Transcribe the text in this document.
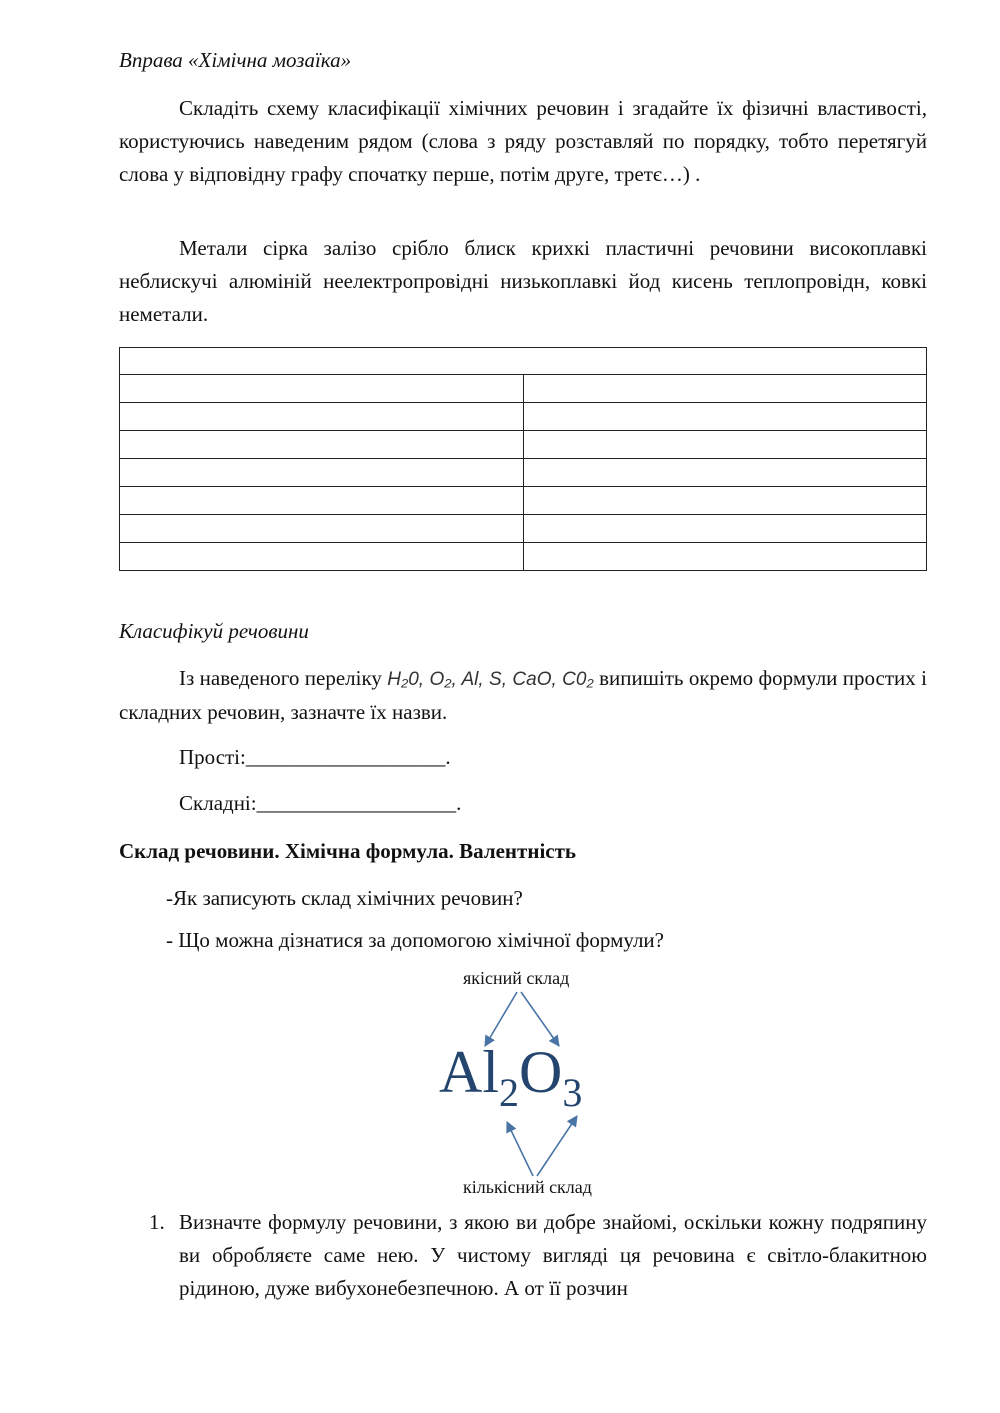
Вправа «Хімічна мозаїка»

Складіть схему класифікації хімічних речовин і згадайте їх фізичні властивості, користуючись наведеним рядом (слова з ряду розставляй по порядку, тобто перетягуй слова у відповідну графу спочатку перше, потім друге, третє…) .

Метали сірка залізо срібло блиск крихкі пластичні речовини високоплавкі неблискучі алюміній неелектропровідні низькоплавкі йод кисень теплопровідн, ковкі неметали.

Класифікуй речовини

Із наведеного переліку H₂0, O₂, Al, S, CaO, C0₂ випишіть окремо формули простих і складних речовин, зазначте їх назви.

Прості:___________________.
Складні:___________________.
Склад речовини. Хімічна формула. Валентність
-Як записують склад хімічних речовин?
- Що можна дізнатися за допомогою хімічної формули?
якісний склад
$Al_2O_3$
кількісний склад
1. Визначте формулу речовини, з якою ви добре знайомі, оскільки кожну подряпину ви обробляєте саме нею. У чистому вигляді ця речовина є світло-блакитною рідиною, дуже вибухонебезпечною. А от її розчин
